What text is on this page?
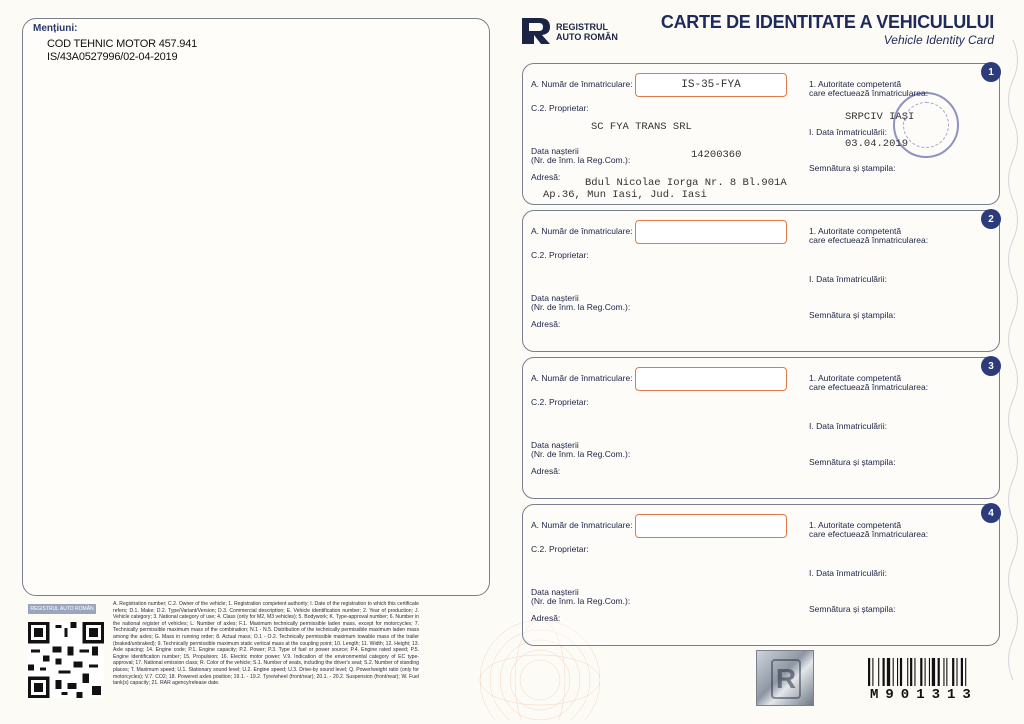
Mențiuni:
COD TEHNIC MOTOR 457.941
IS/43A0527996/02-04-2019
REGISTRUL AUTO ROMÂN
A. Registration number; C.2. Owner of the vehicle; 1. Registration competent authority; I. Date of the registration to which this certificate refers; D.1. Make; D.2. Type/Variant/Version; D.3. Commercial description; E. Vehicle identification number; 2. Year of production; J. Vehicle category; 3. National category of use; 4. Class (only for M2, M3 vehicles); 5. Bodywork; K. Type-approval number; 6. Number in the national register of vehicles; L. Number of axles; F.1. Maximum technically permissible laden mass, except for motorcycles; 7. Technically permissible maximum mass of the combination; N.1 - N.5. Distribution of the technically permissible maximum laden mass among the axles; G. Mass in running order; 8. Actual mass; O.1 - O.2. Technically permissible maximum towable mass of the trailer (braked/unbraked); 9. Technically permissible maximum static vertical mass at the coupling point; 10. Length; 11. Width; 12. Height; 13. Axle spacing; 14. Engine code; P.1. Engine capacity; P.2. Power; P.3. Type of fuel or power source; P.4. Engine rated speed; P.5. Engine identification number; 15. Propulsion; 16. Electric motor power; V.9. Indication of the environmental category of EC type-approval; 17. National emission class; R. Color of the vehicle; S.1. Number of seats, including the driver's seat; S.2. Number of standing places; T. Maximum speed; U.1. Stationary sound level; U.2. Engine speed; U.3. Drive-by sound level; Q. Power/weight ratio (only for motorcycles); V.7. CO2; 18. Powered axles position; 19.1. - 19.2. Tyre/wheel (front/rear); 20.1. - 20.2. Suspension (front/rear); W. Fuel tank(s) capacity; 21. RAR agency/release date.
REGISTRUL
AUTO ROMÂN
CARTE DE IDENTITATE A VEHICULULUI
Vehicle Identity Card
1
A. Număr de înmatriculare:	IS-35-FYA
C.2. Proprietar:
SC FYA TRANS SRL
Data nașterii
(Nr. de înm. la Reg.Com.):	14200360
Adresă: Bdul Nicolae Iorga Nr. 8 Bl.901A
Ap.36, Mun Iasi, Jud. Iasi
1. Autoritate competentă
care efectuează înmatricularea:
SRPCIV IAȘI
I. Data înmatriculării:
03.04.2019
Semnătura și ștampila:
2
A. Număr de înmatriculare:
C.2. Proprietar:
Data nașterii
(Nr. de înm. la Reg.Com.):
Adresă:
1. Autoritate competentă
care efectuează înmatricularea:
I. Data înmatriculării:
Semnătura și ștampila:
3
A. Număr de înmatriculare:
C.2. Proprietar:
Data nașterii
(Nr. de înm. la Reg.Com.):
Adresă:
1. Autoritate competentă
care efectuează înmatricularea:
I. Data înmatriculării:
Semnătura și ștampila:
4
A. Număr de înmatriculare:
C.2. Proprietar:
Data nașterii
(Nr. de înm. la Reg.Com.):
Adresă:
1. Autoritate competentă
care efectuează înmatricularea:
I. Data înmatriculării:
Semnătura și ștampila:
R
M901313
